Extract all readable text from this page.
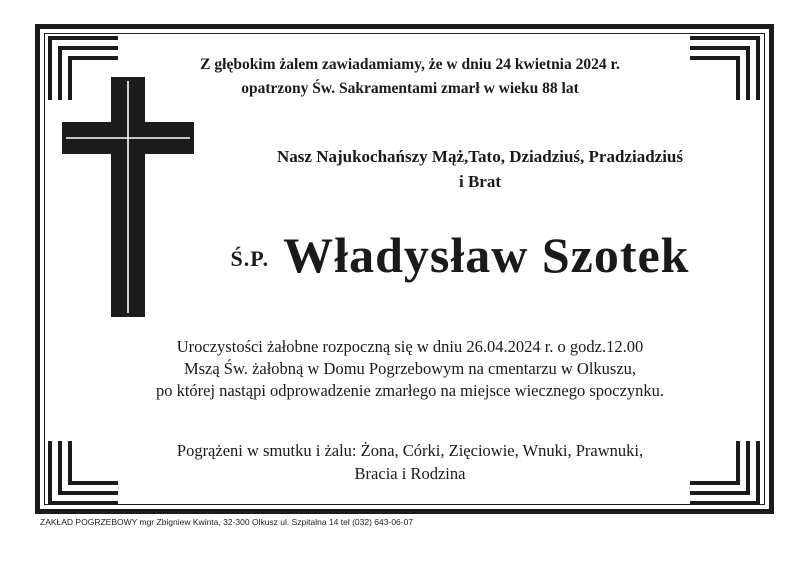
Z głębokim żalem zawiadamiamy, że w dniu 24 kwietnia 2024 r.
opatrzony Św. Sakramentami zmarł w wieku 88 lat
Nasz Najukochańszy Mąż,Tato, Dziadziuś, Pradziadziuś
i Brat
Ś.P. Władysław Szotek
Uroczystości żałobne rozpoczną się w dniu 26.04.2024 r. o godz.12.00
Mszą Św. żałobną w Domu Pogrzebowym na cmentarzu w Olkuszu,
po której nastąpi odprowadzenie zmarłego na miejsce wiecznego spoczynku.
Pogrążeni w smutku i żalu: Żona, Córki, Zięciowie, Wnuki, Prawnuki,
Bracia i Rodzina
ZAKŁAD POGRZEBOWY mgr Zbigniew Kwinta, 32-300 Olkusz ul. Szpitalna 14 tel (032) 643-06-07
